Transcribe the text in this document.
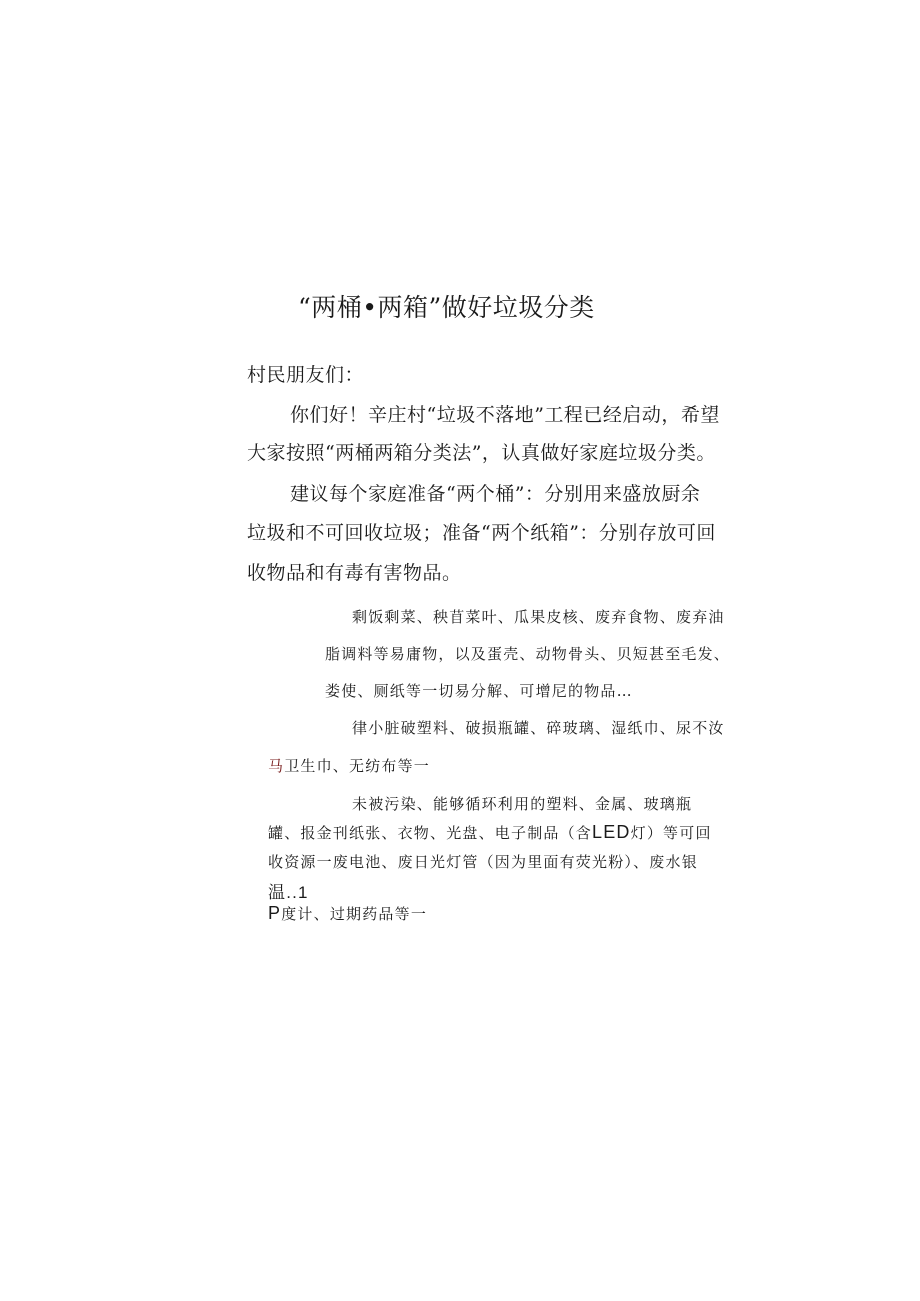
“两桶•两箱”做好垃圾分类
村民朋友们：
你们好！辛庄村“垃圾不落地”工程已经启动，希望
大家按照“两桶两箱分类法”，认真做好家庭垃圾分类。
建议每个家庭准备“两个桶”：分别用来盛放厨余
垃圾和不可回收垃圾；准备“两个纸箱”：分别存放可回
收物品和有毒有害物品。
剩饭剩菜、秧苜菜叶、瓜果皮核、废弃食物、废弃油
脂调料等易庸物，以及蛋壳、动物骨头、贝短甚至毛发、
娄使、厕纸等一切易分解、可增尼的物品…
律小脏破塑料、破损瓶罐、碎玻璃、湿纸巾、尿不汝
马卫生巾、无纺布等一
未被污染、能够循环利用的塑料、金属、玻璃瓶
罐、报金刊纸张、衣物、光盘、电子制品（含LED灯）等可回
收资源一废电池、废日光灯管（因为里面有荧光粉）、废水银
温..1
P度计、过期药品等一
